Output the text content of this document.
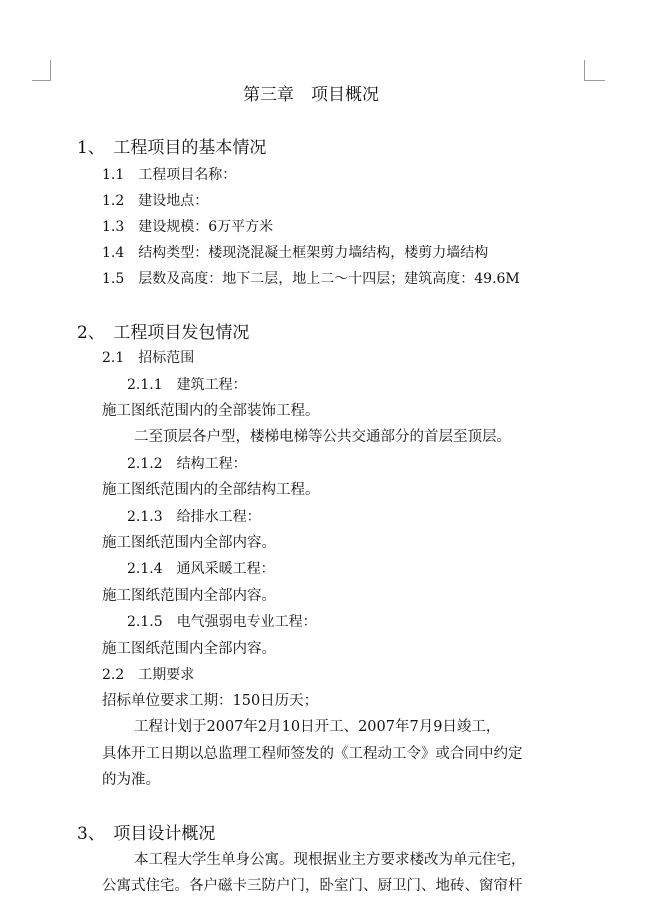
第三章　项目概况
1、　工程项目的基本情况
1.1　工程项目名称：
1.2　建设地点：
1.3　建设规模：6万平方米
1.4　结构类型：楼现浇混凝土框架剪力墙结构，楼剪力墙结构
1.5　层数及高度：地下二层，地上二～十四层；建筑高度：49.6M
2、　工程项目发包情况
2.1　招标范围
2.1.1　建筑工程：
施工图纸范围内的全部装饰工程。
二至顶层各户型，楼梯电梯等公共交通部分的首层至顶层。
2.1.2　结构工程：
施工图纸范围内的全部结构工程。
2.1.3　给排水工程：
施工图纸范围内全部内容。
2.1.4　通风采暖工程：
施工图纸范围内全部内容。
2.1.5　电气强弱电专业工程：
施工图纸范围内全部内容。
2.2　工期要求
招标单位要求工期：150日历天；
工程计划于2007年2月10日开工、2007年7月9日竣工，
具体开工日期以总监理工程师签发的《工程动工令》或合同中约定
的为准。
3、　项目设计概况
本工程大学生单身公寓。现根据业主方要求楼改为单元住宅，
公寓式住宅。各户磁卡三防户门，卧室门、厨卫门、地砖、窗帘杆
